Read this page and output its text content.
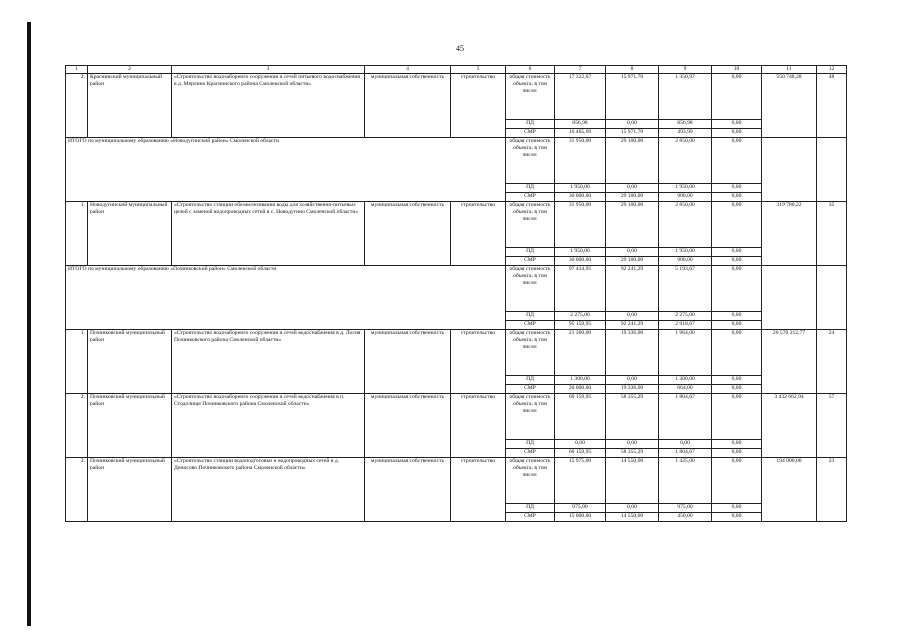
45
1	2	3	4	5	6	7	8	9	10	11	12
2.	Краснинский муниципальный район	«Строительство водозаборного сооружения и сетей питьевого водоснабжения в д. Мерлино Краснинского района Смоленской области»	муниципальная собственность	строительство	общая стоимость объекта, в том числе:	17 322,67	15 971,70	1 350,97	0,00	550 748,28	48
					ПД	856,98	0,00	856,98	0,00		
					СМР	16 465,69	15 971,70	493,99	0,00		
ИТОГО по муниципальному образованию «Новодугинский район» Смоленской области					общая стоимость объекта, в том числе:	31 950,00	29 100,00	2 850,00	0,00		
					ПД	1 950,00	0,00	1 950,00	0,00		
					СМР	30 000,00	29 100,00	900,00	0,00		
1.	Новодугинский муниципальный район	«Строительство станции обезжелезивания воды для хозяйственно-питьевых целей с заменой водопроводных сетей в с. Новодугино Смоленской области»	муниципальная собственность	строительство	общая стоимость объекта, в том числе:	31 950,00	29 100,00	2 850,00	0,00	319 780,22	35
					ПД	1 950,00	0,00	1 950,00	0,00		
					СМР	30 000,00	29 100,00	900,00	0,00		
ИТОГО по муниципальному образованию «Починковский район» Смоленской области					общая стоимость объекта, в том числе:	97 434,95	92 241,29	5 193,67	0,00		
					ПД	2 275,00	0,00	2 275,00	0,00		
					СМР	95 159,95	92 241,29	2 918,67	0,00		
1.	Починковский муниципальный район	«Строительство водозаборного сооружения и сетей водоснабжения в д. Лосня Починковского района Смоленской области»	муниципальная собственность	строительство	общая стоимость объекта, в том числе:	21 300,00	19 336,00	1 964,00	0,00	20 570 212,77	24
					ПД	1 300,00	0,00	1 300,00	0,00		
					СМР	20 000,00	19 336,00	664,00	0,00		
2.	Починковский муниципальный район	«Строительство водозаборного сооружения и сетей водоснабжения в п. Стодолище Починковского района Смоленской области»	муниципальная собственность	строительство	общая стоимость объекта, в том числе:	60 159,95	58 355,29	1 804,67	0,00	3 432 662,94	57
					ПД	0,00	0,00	0,00	0,00		
					СМР	60 159,95	58 355,29	1 804,67	0,00		
3.	Починковский муниципальный район	«Строительство станции водоподготовки и водопроводных сетей в д. Денисово Починковского района Смоленской области»	муниципальная собственность	строительство	общая стоимость объекта, в том числе:	15 975,00	14 550,00	1 425,00	0,00	194 000,00	23
					ПД	975,00	0,00	975,00	0,00		
					СМР	15 000,00	14 550,00	450,00	0,00		
